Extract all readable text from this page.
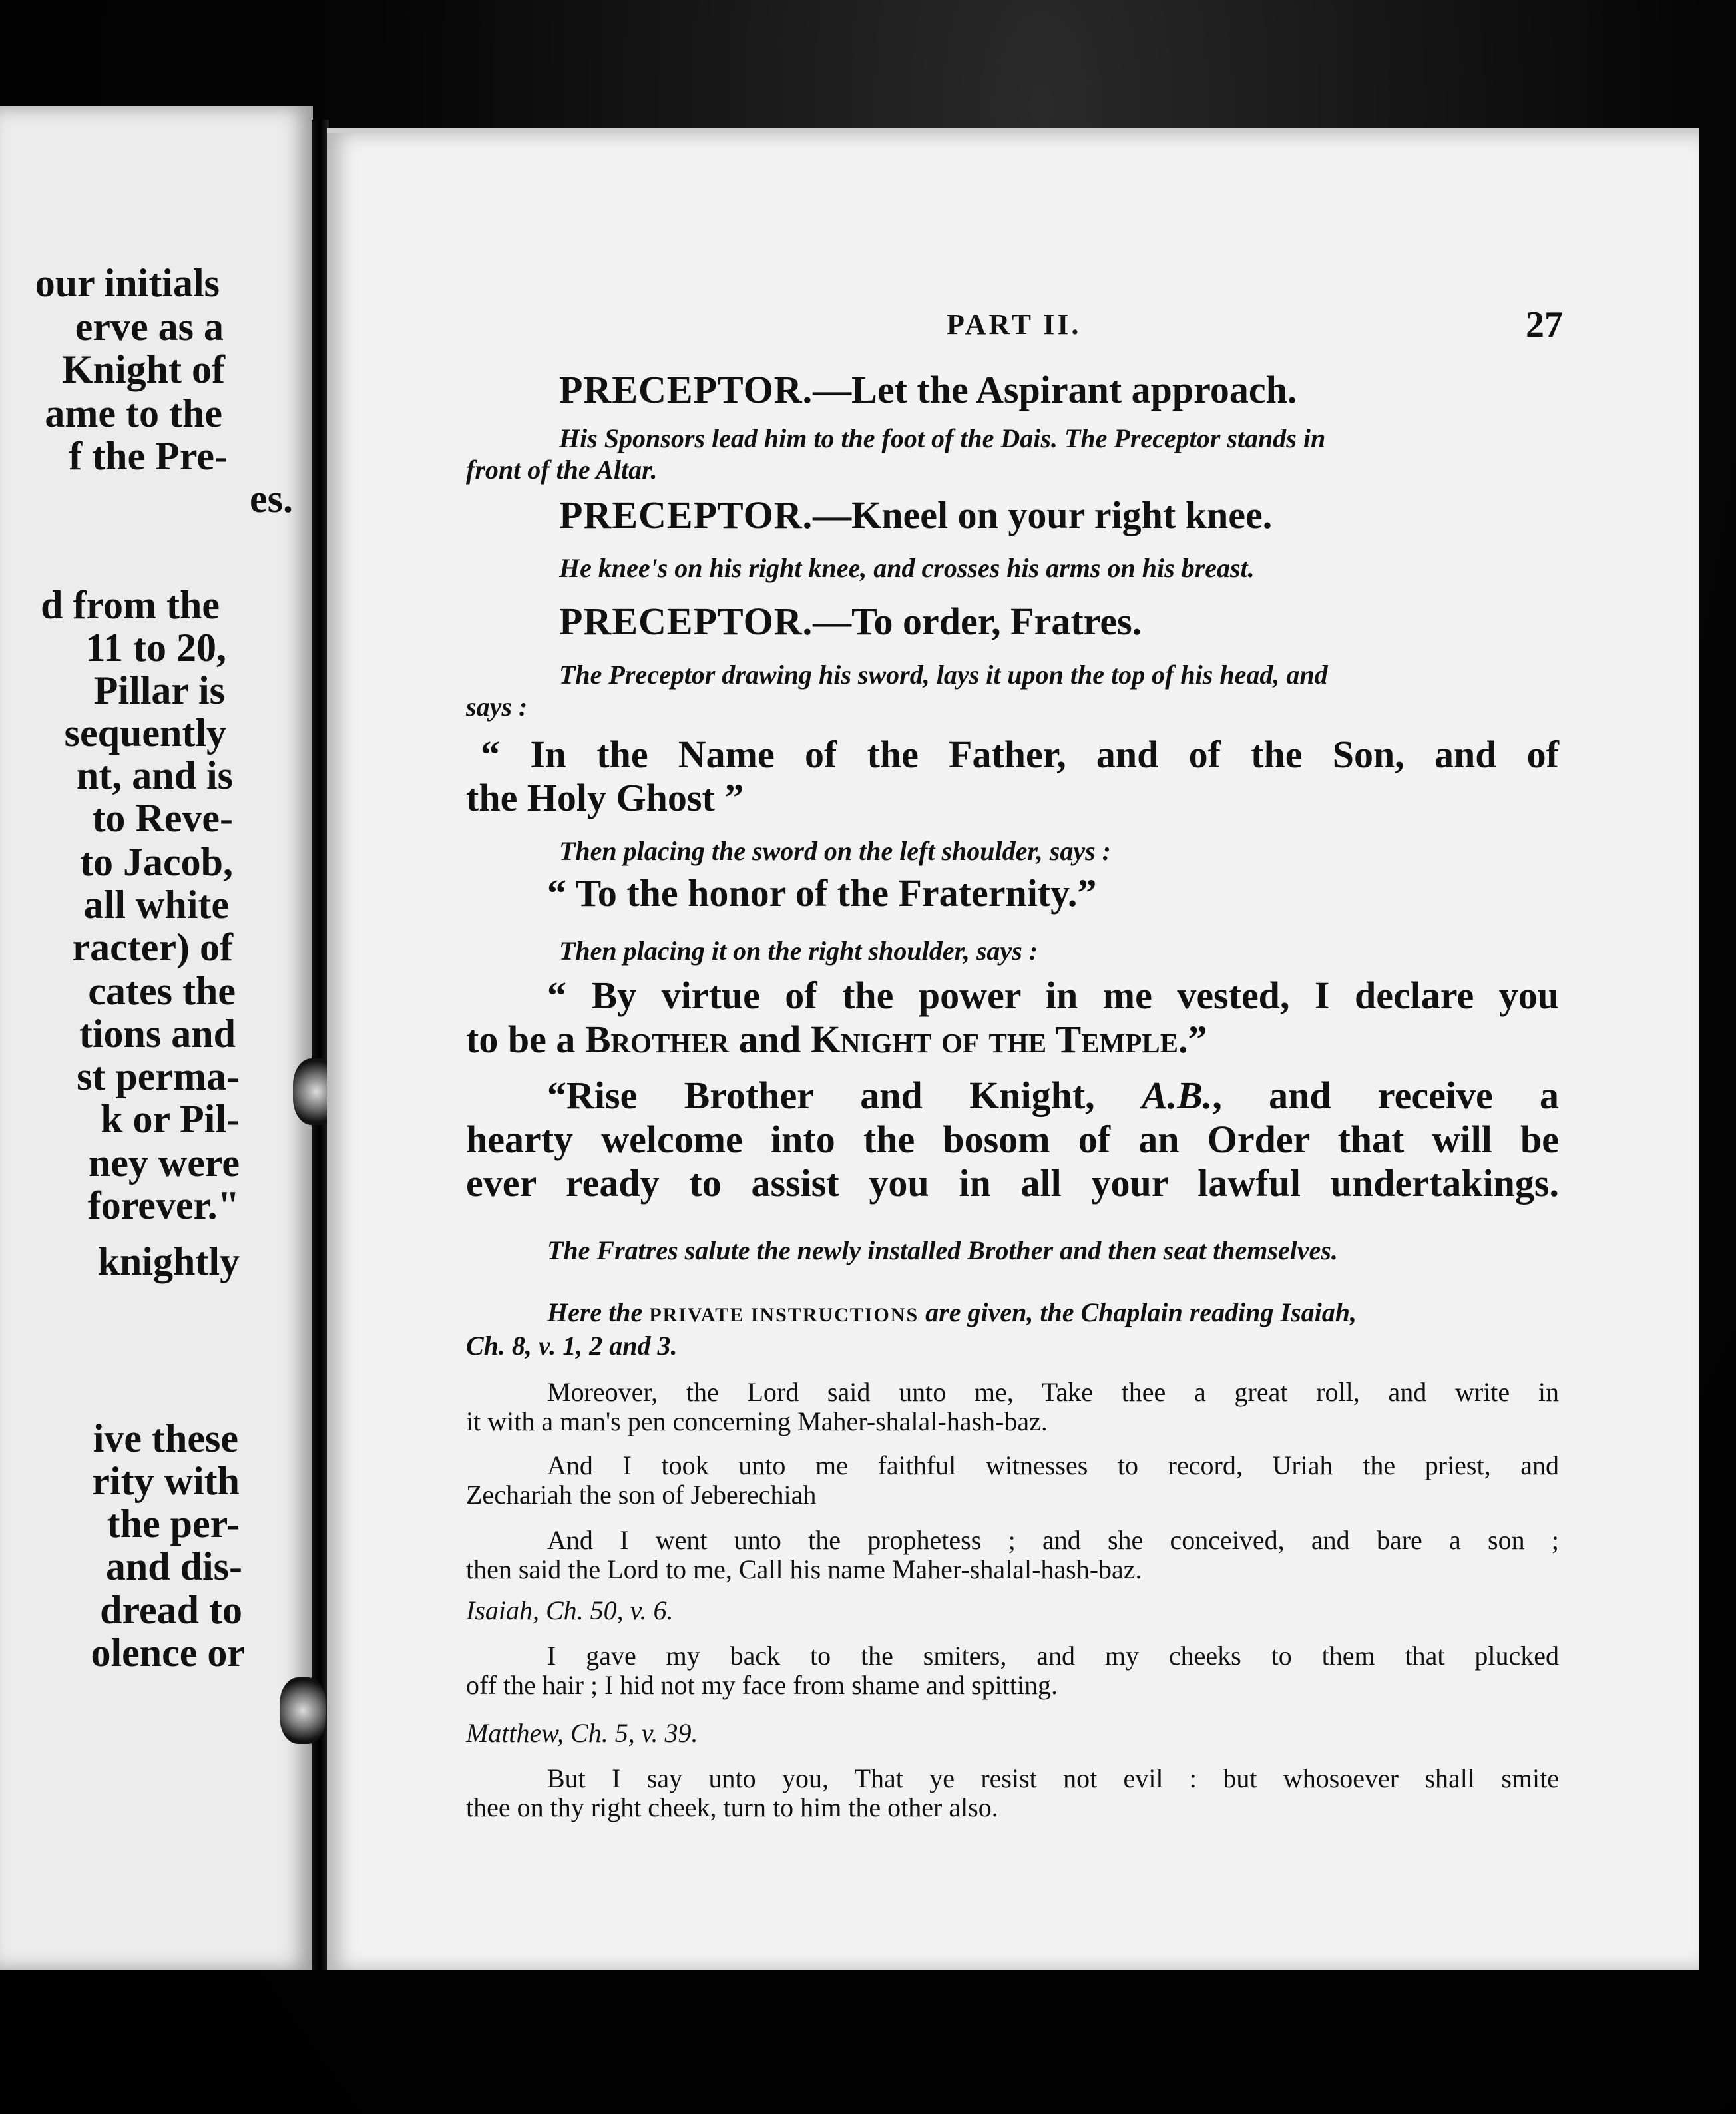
our initials
erve as a
Knight of
ame to the
f the Pre-
es.
d from the
11 to 20,
Pillar is
sequently
nt, and is
to Reve-
to Jacob,
all white
racter) of
cates the
tions and
st perma-
k or Pil-
ney were
forever."
knightly
ive these
rity with
the per-
and dis-
dread to
olence or
PART II.	27
PRECEPTOR.—Let the Aspirant approach.
His Sponsors lead him to the foot of the Dais. The Preceptor stands in
front of the Altar.
PRECEPTOR.—Kneel on your right knee.
He knee's on his right knee, and crosses his arms on his breast.
PRECEPTOR.—To order, Fratres.
The Preceptor drawing his sword, lays it upon the top of his head, and
says :
“ In the Name of the Father, and of the Son, and of
the Holy Ghost ”
Then placing the sword on the left shoulder, says :
“ To the honor of the Fraternity.”
Then placing it on the right shoulder, says :
“ By virtue of the power in me vested, I declare you
to be a Brother and Knight of the Temple.”
“Rise Brother and Knight, A.B., and receive a
hearty welcome into the bosom of an Order that will be
ever ready to assist you in all your lawful undertakings.
The Fratres salute the newly installed Brother and then seat themselves.
Here the PRIVATE INSTRUCTIONS are given, the Chaplain reading Isaiah,
Ch. 8, v. 1, 2 and 3.
Moreover, the Lord said unto me, Take thee a great roll, and write in
it with a man's pen concerning Maher-shalal-hash-baz.
And I took unto me faithful witnesses to record, Uriah the priest, and
Zechariah the son of Jeberechiah
And I went unto the prophetess ; and she conceived, and bare a son ;
then said the Lord to me, Call his name Maher-shalal-hash-baz.
Isaiah, Ch. 50, v. 6.
I gave my back to the smiters, and my cheeks to them that plucked
off the hair ; I hid not my face from shame and spitting.
Matthew, Ch. 5, v. 39.
But I say unto you, That ye resist not evil : but whosoever shall smite
thee on thy right cheek, turn to him the other also.
